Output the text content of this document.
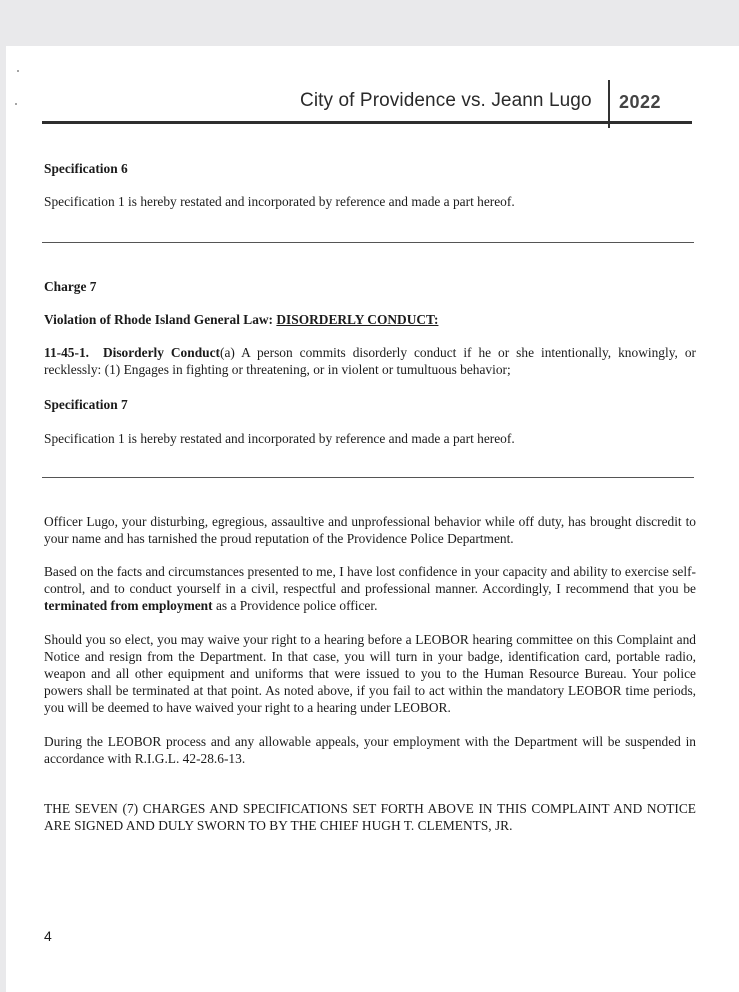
City of Providence vs. Jeann Lugo 2022
Specification 6
Specification 1 is hereby restated and incorporated by reference and made a part hereof.
Charge 7
Violation of Rhode Island General Law: DISORDERLY CONDUCT:
11-45-1. Disorderly Conduct(a) A person commits disorderly conduct if he or she intentionally, knowingly, or recklessly: (1) Engages in fighting or threatening, or in violent or tumultuous behavior;
Specification 7
Specification 1 is hereby restated and incorporated by reference and made a part hereof.
Officer Lugo, your disturbing, egregious, assaultive and unprofessional behavior while off duty, has brought discredit to your name and has tarnished the proud reputation of the Providence Police Department.
Based on the facts and circumstances presented to me, I have lost confidence in your capacity and ability to exercise self-control, and to conduct yourself in a civil, respectful and professional manner. Accordingly, I recommend that you be terminated from employment as a Providence police officer.
Should you so elect, you may waive your right to a hearing before a LEOBOR hearing committee on this Complaint and Notice and resign from the Department. In that case, you will turn in your badge, identification card, portable radio, weapon and all other equipment and uniforms that were issued to you to the Human Resource Bureau. Your police powers shall be terminated at that point. As noted above, if you fail to act within the mandatory LEOBOR time periods, you will be deemed to have waived your right to a hearing under LEOBOR.
During the LEOBOR process and any allowable appeals, your employment with the Department will be suspended in accordance with R.I.G.L. 42-28.6-13.
THE SEVEN (7) CHARGES AND SPECIFICATIONS SET FORTH ABOVE IN THIS COMPLAINT AND NOTICE ARE SIGNED AND DULY SWORN TO BY THE CHIEF HUGH T. CLEMENTS, JR.
4
